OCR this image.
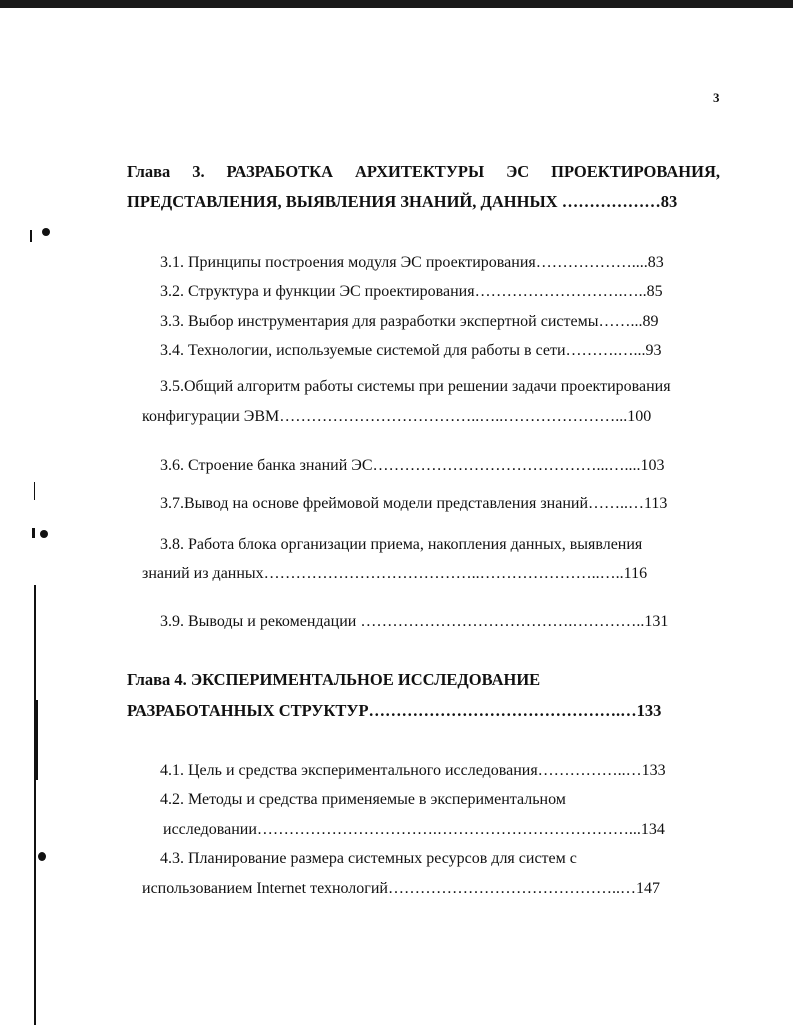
3
Глава 3. РАЗРАБОТКА АРХИТЕКТУРЫ ЭС ПРОЕКТИРОВАНИЯ,
ПРЕДСТАВЛЕНИЯ, ВЫЯВЛЕНИЯ ЗНАНИЙ, ДАННЫХ ………………83
3.1. Принципы построения модуля ЭС проектирования………………....83
3.2. Структура и функции ЭС проектирования……………………….…..85
3.3. Выбор инструментария для разработки экспертной системы……...89
3.4. Технологии, используемые системой для работы в сети……….…...93
3.5.Общий алгоритм работы системы при решении задачи проектирования
конфигурации ЭВМ………………………………..…..…………………...100
3.6. Строение банка знаний ЭС……………………………………...…....103
3.7.Вывод на основе фреймовой модели представления знаний……..…113
3.8. Работа блока организации приема, накопления данных, выявления
знаний из данных…………………………………..…………………..…..116
3.9. Выводы и рекомендации ………………………………….…………..131
Глава 4. ЭКСПЕРИМЕНТАЛЬНОЕ ИССЛЕДОВАНИЕ
РАЗРАБОТАННЫХ СТРУКТУР……………………………………….…133
4.1. Цель и средства экспериментального исследования……………..…133
4.2. Методы и средства применяемые в экспериментальном
исследовании…………………………….………………………………...134
4.3. Планирование размера системных ресурсов для систем с
использованием Internet технологий……………………………………..…147
